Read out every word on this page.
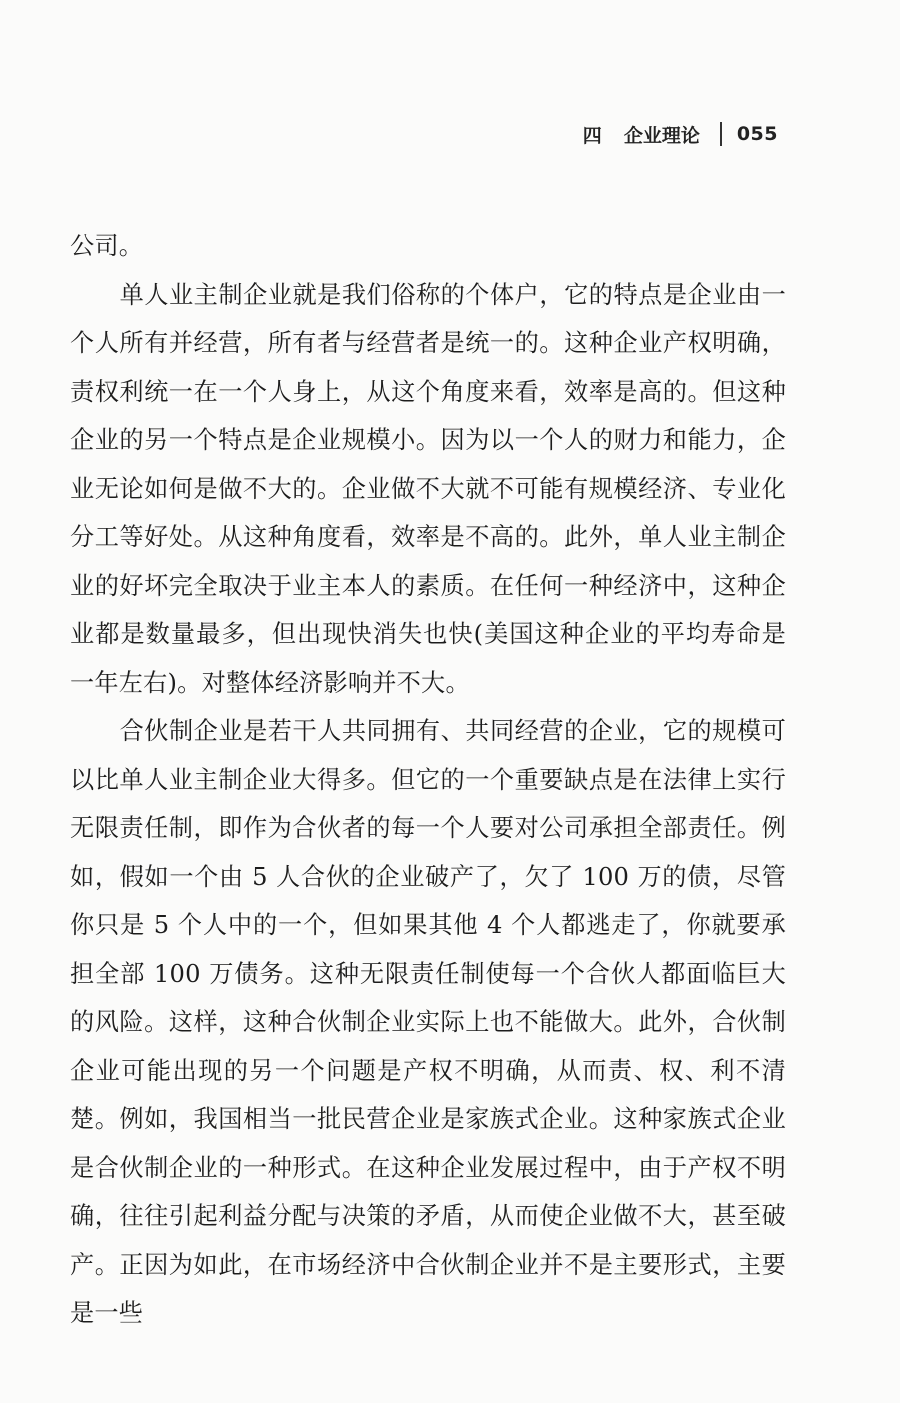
四 企业理论 055

公司。

单人业主制企业就是我们俗称的个体户，它的特点是企业由一个人所有并经营，所有者与经营者是统一的。这种企业产权明确，责权利统一在一个人身上，从这个角度来看，效率是高的。但这种企业的另一个特点是企业规模小。因为以一个人的财力和能力，企业无论如何是做不大的。企业做不大就不可能有规模经济、专业化分工等好处。从这种角度看，效率是不高的。此外，单人业主制企业的好坏完全取决于业主本人的素质。在任何一种经济中，这种企业都是数量最多，但出现快消失也快(美国这种企业的平均寿命是一年左右)。对整体经济影响并不大。

合伙制企业是若干人共同拥有、共同经营的企业，它的规模可以比单人业主制企业大得多。但它的一个重要缺点是在法律上实行无限责任制，即作为合伙者的每一个人要对公司承担全部责任。例如，假如一个由 5 人合伙的企业破产了，欠了 100 万的债，尽管你只是 5 个人中的一个，但如果其他 4 个人都逃走了，你就要承担全部 100 万债务。这种无限责任制使每一个合伙人都面临巨大的风险。这样，这种合伙制企业实际上也不能做大。此外，合伙制企业可能出现的另一个问题是产权不明确，从而责、权、利不清楚。例如，我国相当一批民营企业是家族式企业。这种家族式企业是合伙制企业的一种形式。在这种企业发展过程中，由于产权不明确，往往引起利益分配与决策的矛盾，从而使企业做不大，甚至破产。正因为如此，在市场经济中合伙制企业并不是主要形式，主要是一些
